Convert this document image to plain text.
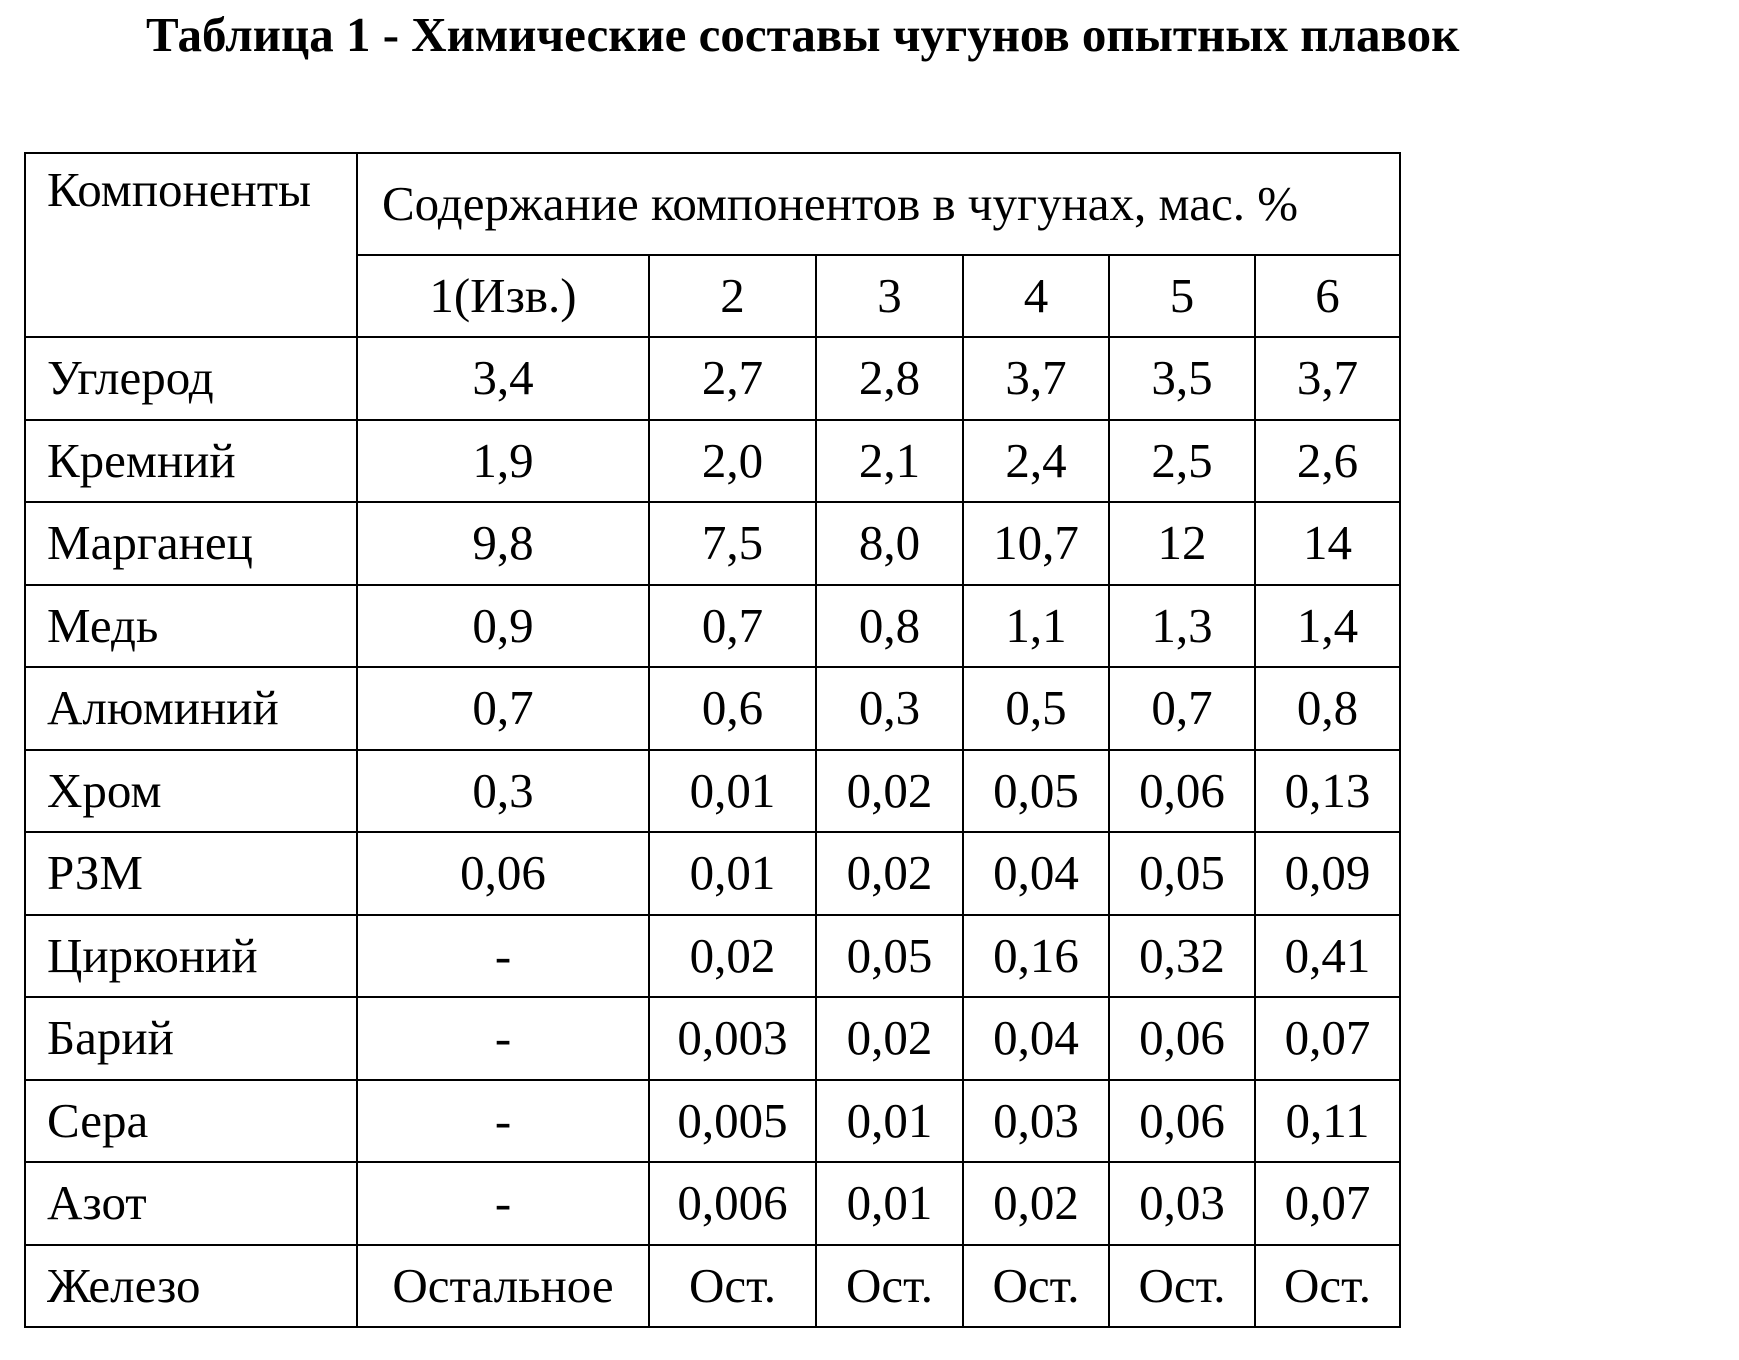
Таблица 1 - Химические составы чугунов опытных плавок
Компоненты	Содержание компонентов в чугунах, мас. %					
	1(Изв.)	2	3	4	5	6
Углерод	3,4	2,7	2,8	3,7	3,5	3,7
Кремний	1,9	2,0	2,1	2,4	2,5	2,6
Марганец	9,8	7,5	8,0	10,7	12	14
Медь	0,9	0,7	0,8	1,1	1,3	1,4
Алюминий	0,7	0,6	0,3	0,5	0,7	0,8
Хром	0,3	0,01	0,02	0,05	0,06	0,13
РЗМ	0,06	0,01	0,02	0,04	0,05	0,09
Цирконий	-	0,02	0,05	0,16	0,32	0,41
Барий	-	0,003	0,02	0,04	0,06	0,07
Сера	-	0,005	0,01	0,03	0,06	0,11
Азот	-	0,006	0,01	0,02	0,03	0,07
Железо	Остальное	Ост.	Ост.	Ост.	Ост.	Ост.
